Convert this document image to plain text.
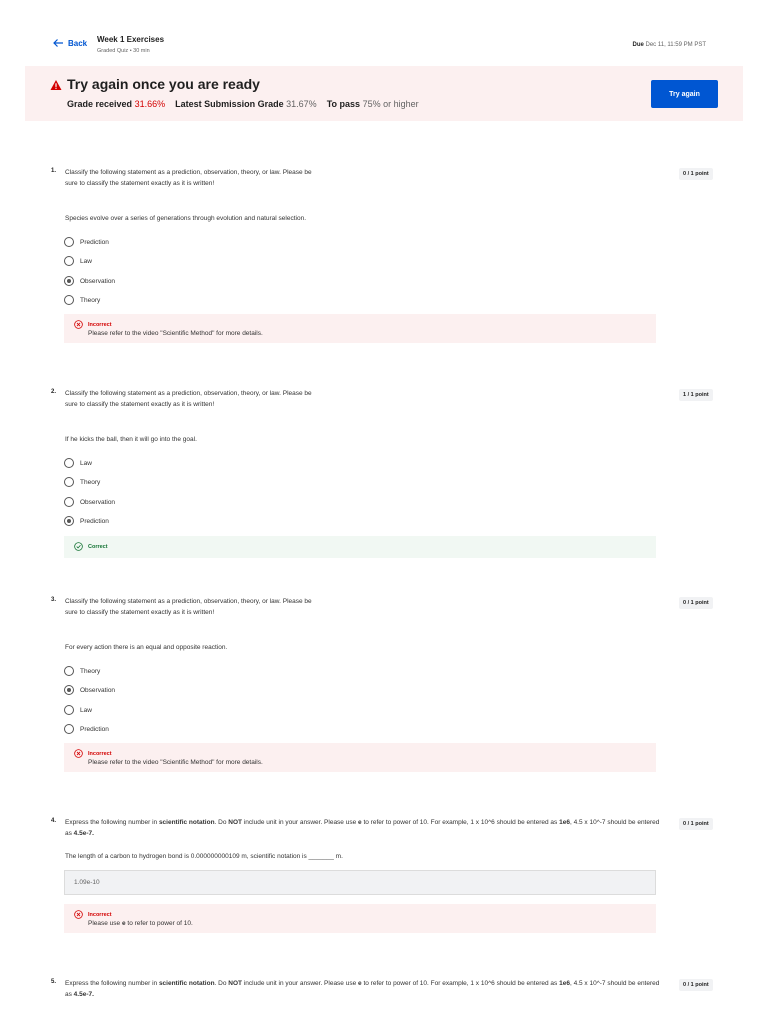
Back Week 1 Exercises
Graded Quiz • 30 min
Due Dec 11, 11:59 PM PST
Try again once you are ready
Grade received 31.66% Latest Submission Grade 31.67% To pass 75% or higher
Try again
1. Classify the following statement as a prediction, observation, theory, or law. Please be sure to classify the statement exactly as it is written!
0 / 1 point
Species evolve over a series of generations through evolution and natural selection.
Prediction
Law
Observation
Theory
Incorrect
Please refer to the video "Scientific Method" for more details.
2. Classify the following statement as a prediction, observation, theory, or law. Please be sure to classify the statement exactly as it is written!
1 / 1 point
If he kicks the ball, then it will go into the goal.
Law
Theory
Observation
Prediction
Correct
3. Classify the following statement as a prediction, observation, theory, or law. Please be sure to classify the statement exactly as it is written!
0 / 1 point
For every action there is an equal and opposite reaction.
Theory
Observation
Law
Prediction
Incorrect
Please refer to the video "Scientific Method" for more details.
4. Express the following number in scientific notation. Do NOT include unit in your answer. Please use e to refer to power of 10. For example, 1 x 10^6 should be entered as 1e6, 4.5 x 10^-7 should be entered as 4.5e-7.
0 / 1 point
The length of a carbon to hydrogen bond is 0.000000000109 m, scientific notation is _______ m.
1.09e-10
Incorrect
Please use e to refer to power of 10.
5. Express the following number in scientific notation. Do NOT include unit in your answer. Please use e to refer to power of 10. For example, 1 x 10^6 should be entered as 1e6, 4.5 x 10^-7 should be entered as 4.5e-7.
0 / 1 point
